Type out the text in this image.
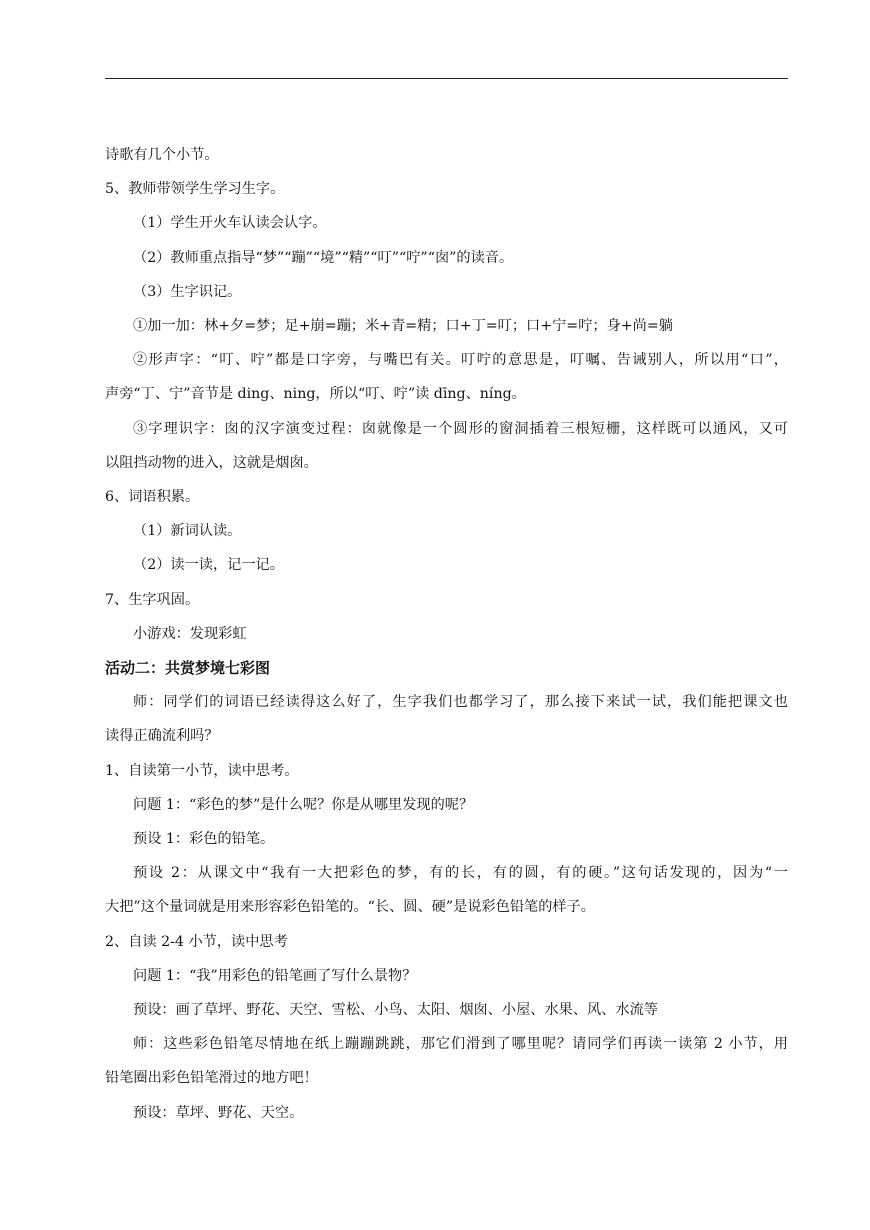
诗歌有几个小节。

5、教师带领学生学习生字。

（1）学生开火车认读会认字。

（2）教师重点指导“梦”“蹦”“境”“精”“叮”“咛”“囱”的读音。

（3）生字识记。

①加一加：林+夕=梦；足+崩=蹦；米+青=精；口+丁=叮；口+宁=咛；身+尚=躺

②形声字：“叮、咛”都是口字旁，与嘴巴有关。叮咛的意思是，叮嘱、告诫别人，所以用“口”，

声旁“丁、宁”音节是 ding、ning，所以“叮、咛”读 dīng、níng。

③字理识字：囱的汉字演变过程：囱就像是一个圆形的窗洞插着三根短栅，这样既可以通风，又可

以阻挡动物的进入，这就是烟囱。

6、词语积累。

（1）新词认读。

（2）读一读，记一记。

7、生字巩固。

小游戏：发现彩虹

活动二：共赏梦境七彩图

师：同学们的词语已经读得这么好了，生字我们也都学习了，那么接下来试一试，我们能把课文也

读得正确流利吗？

1、自读第一小节，读中思考。

问题 1：“彩色的梦”是什么呢？你是从哪里发现的呢？

预设 1：彩色的铅笔。

预设 2：从课文中“我有一大把彩色的梦，有的长，有的圆，有的硬。”这句话发现的，因为“一

大把”这个量词就是用来形容彩色铅笔的。“长、圆、硬”是说彩色铅笔的样子。

2、自读 2-4 小节，读中思考

问题 1：“我”用彩色的铅笔画了写什么景物？

预设：画了草坪、野花、天空、雪松、小鸟、太阳、烟囱、小屋、水果、风、水流等

师：这些彩色铅笔尽情地在纸上蹦蹦跳跳，那它们滑到了哪里呢？请同学们再读一读第 2 小节，用

铅笔圈出彩色铅笔滑过的地方吧！

预设：草坪、野花、天空。
